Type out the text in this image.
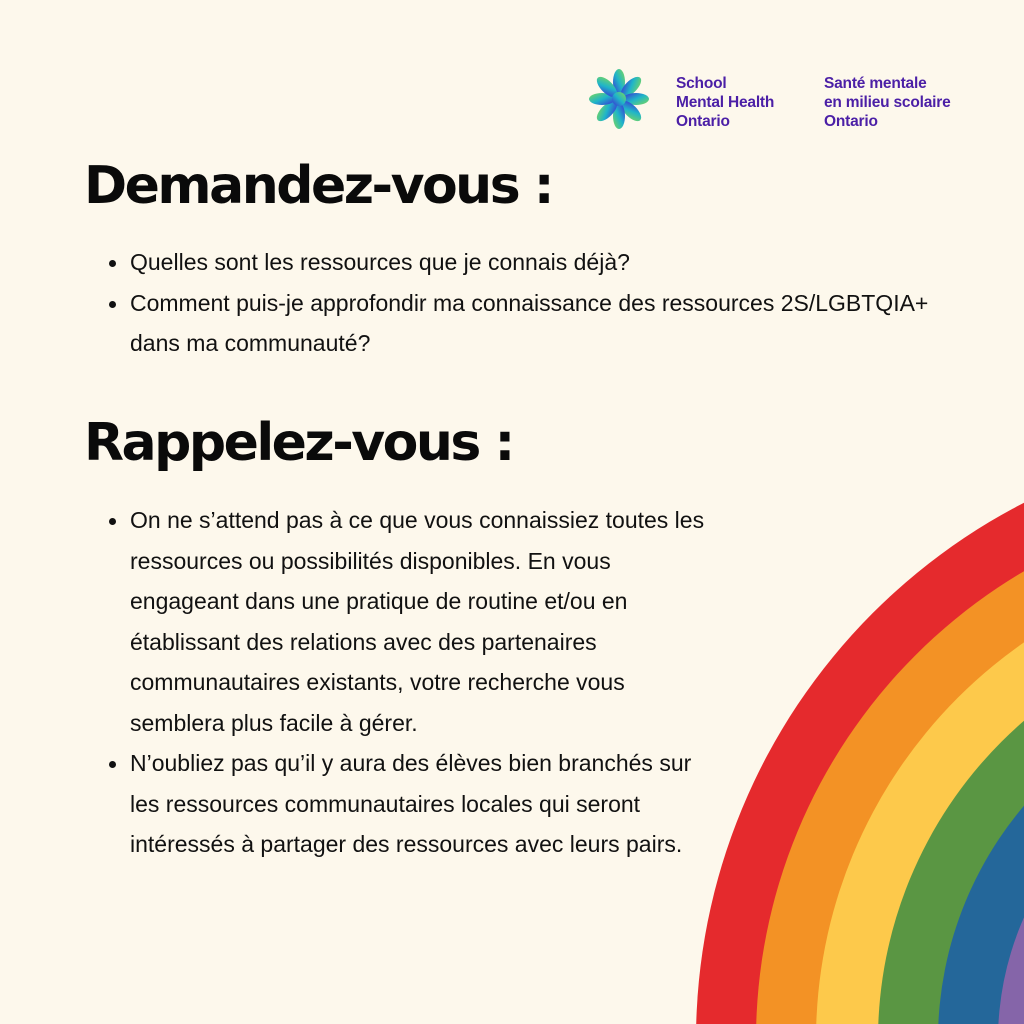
School
Mental Health
Ontario
Santé mentale
en milieu scolaire
Ontario
Demandez-vous :
Quelles sont les ressources que je connais déjà?
Comment puis-je approfondir ma connaissance des ressources 2S/LGBTQIA+ dans ma communauté?
Rappelez-vous :
On ne s’attend pas à ce que vous connaissiez toutes les ressources ou possibilités disponibles. En vous engageant dans une pratique de routine et/ou en établissant des relations avec des partenaires communautaires existants, votre recherche vous semblera plus facile à gérer.
N’oubliez pas qu’il y aura des élèves bien branchés sur les ressources communautaires locales qui seront intéressés à partager des ressources avec leurs pairs.
